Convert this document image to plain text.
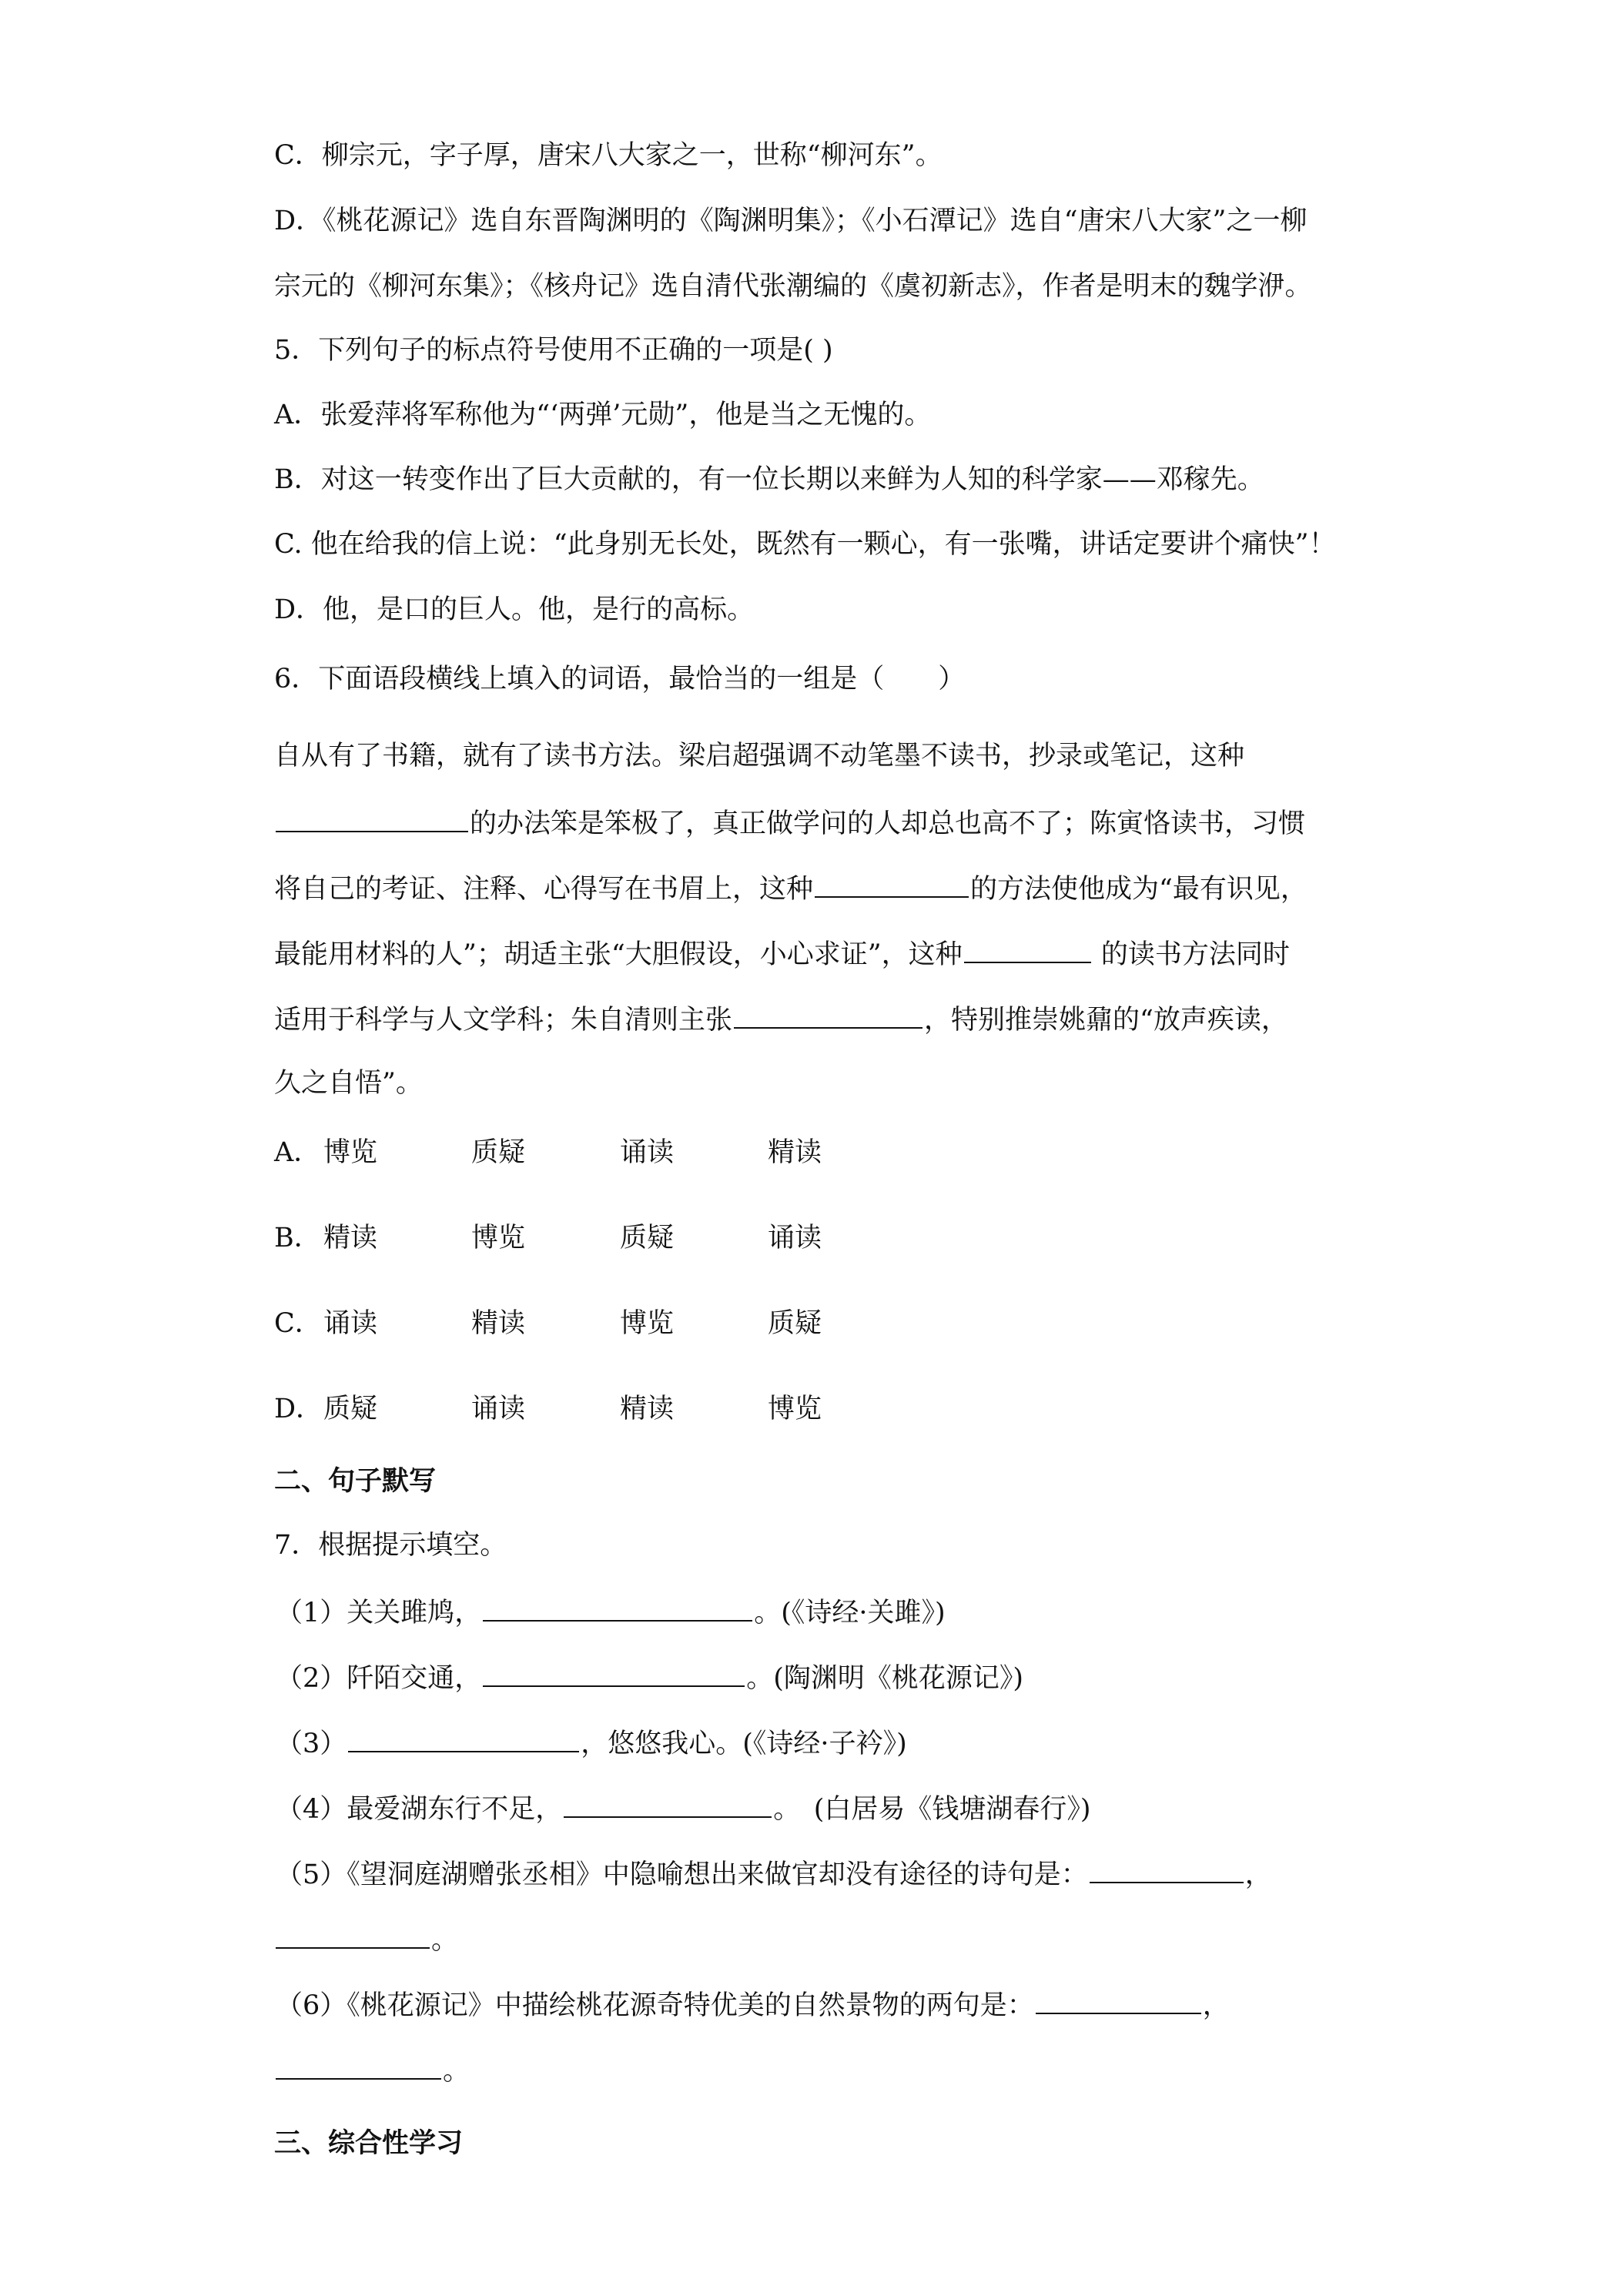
C．柳宗元，字子厚，唐宋八大家之一，世称“柳河东”。
D．《桃花源记》选自东晋陶渊明的《陶渊明集》；《小石潭记》选自“唐宋八大家”之一柳
宗元的《柳河东集》；《核舟记》选自清代张潮编的《虞初新志》，作者是明末的魏学洢。
5．下列句子的标点符号使用不正确的一项是( )
A．张爱萍将军称他为“‘两弹’元勋”，他是当之无愧的。
B．对这一转变作出了巨大贡献的，有一位长期以来鲜为人知的科学家——邓稼先。
C. 他在给我的信上说：“此身别无长处，既然有一颗心，有一张嘴，讲话定要讲个痛快”！
D．他，是口的巨人。他，是行的高标。
6．下面语段横线上填入的词语，最恰当的一组是（　　）
自从有了书籍，就有了读书方法。梁启超强调不动笔墨不读书，抄录或笔记，这种
的办法笨是笨极了，真正做学问的人却总也高不了；陈寅恪读书，习惯
将自己的考证、注释、心得写在书眉上，这种	的方法使他成为“最有识见，
最能用材料的人”；胡适主张“大胆假设，小心求证”，这种	的读书方法同时
适用于科学与人文学科；朱自清则主张	，特别推崇姚鼐的“放声疾读，
久之自悟”。
A． 博览	质疑	诵读	精读
B． 精读	博览	质疑	诵读
C． 诵读	精读	博览	质疑
D． 质疑	诵读	精读	博览
二、句子默写
7．根据提示填空。
（1）关关雎鸠，	。(《诗经·关雎》)
（2）阡陌交通，	。(陶渊明《桃花源记》)
（3）	，悠悠我心。(《诗经·子衿》)
（4）最爱湖东行不足，	。　(白居易《钱塘湖春行》)
（5）《望洞庭湖赠张丞相》中隐喻想出来做官却没有途径的诗句是：	，
。
（6）《桃花源记》中描绘桃花源奇特优美的自然景物的两句是：	，
。
三、综合性学习
